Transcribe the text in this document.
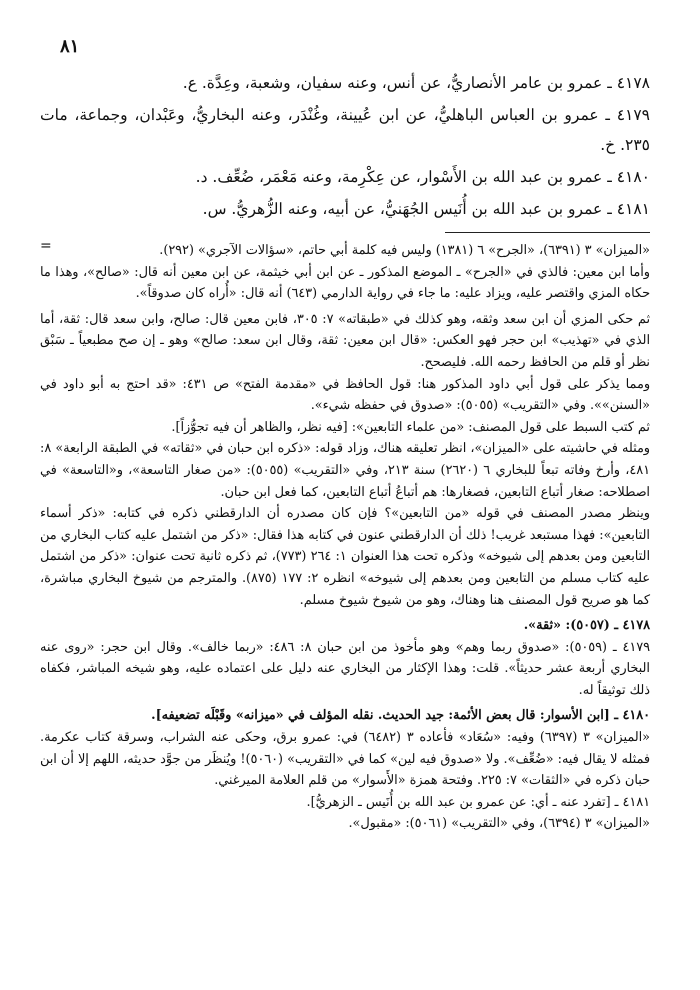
٨١

٤١٧٨ ـ عمرو بن عامر الأنصاريُّ، عن أنس، وعنه سفيان، وشعبة، وعِدَّة. ع.

٤١٧٩ ـ عمرو بن العباس الباهليُّ، عن ابن عُيينة، وغُنْدَر، وعنه البخاريُّ، وعَبْدان، وجماعة، مات ٢٣٥. خ.

٤١٨٠ ـ عمرو بن عبد الله بن الأَسْوار، عن عِكْرِمة، وعنه مَعْمَر، ضُعِّف. د.

٤١٨١ ـ عمرو بن عبد الله بن أُنَيس الجُهَنيُّ، عن أبيه، وعنه الزُّهريُّ. س.

=	«الميزان» ٣ (٦٣٩١)، «الجرح» ٦ (١٣٨١) وليس فيه كلمة أبي حاتم، «سؤالات الآجري» (٢٩٢).

وأما ابن معين: فالذي في «الجرح» ـ الموضع المذكور ـ عن ابن أبي خيثمة، عن ابن معين أنه قال: «صالح»، وهذا ما حكاه المزي واقتصر عليه، ويزاد عليه: ما جاء في رواية الدارمي (٦٤٣) أنه قال: «أُراه كان صدوقاً».

ثم حكى المزي أن ابن سعد وثقه، وهو كذلك في «طبقاته» ٧: ٣٠٥، فابن معين قال: صالح، وابن سعد قال: ثقة، أما الذي في «تهذيب» ابن حجر فهو العكس: «قال ابن معين: ثقة، وقال ابن سعد: صالح» وهو ـ إن صح مطبعياً ـ سَبْق نظر أو قلم من الحافظ رحمه الله. فليصحح.

ومما يذكر على قول أبي داود المذكور هنا: قول الحافظ في «مقدمة الفتح» ص ٤٣١: «قد احتج به أبو داود في «السنن»». وفي «التقريب» (٥٠٥٥): «صدوق في حفظه شيء».

ثم كتب السبط على قول المصنف: «من علماء التابعين»: [فيه نظر، والظاهر أن فيه تجوُّزاً].

ومثله في حاشيته على «الميزان»، انظر تعليقه هناك، وزاد قوله: «ذكره ابن حبان في «ثقاته» في الطبقة الرابعة» ٨: ٤٨١، وأرخ وفاته تبعاً للبخاري ٦ (٢٦٢٠) سنة ٢١٣، وفي «التقريب» (٥٠٥٥): «من صغار التاسعة»، و«التاسعة» في اصطلاحه: صغار أتباع التابعين، فصغارها: هم أتباعُ أتباع التابعين، كما فعل ابن حبان.

وينظر مصدر المصنف في قوله «من التابعين»؟ فإن كان مصدره أن الدارقطني ذكره في كتابه: «ذكر أسماء التابعين»: فهذا مستبعد غريب! ذلك أن الدارقطني عنون في كتابه هذا فقال: «ذكر من اشتمل عليه كتاب البخاري من التابعين ومن بعدهم إلى شيوخه» وذكره تحت هذا العنوان ١: ٢٦٤ (٧٧٣)، ثم ذكره ثانية تحت عنوان: «ذكر من اشتمل عليه كتاب مسلم من التابعين ومن بعدهم إلى شيوخه» انظره ٢: ١٧٧ (٨٧٥). والمترجم من شيوخ البخاري مباشرة، كما هو صريح قول المصنف هنا وهناك، وهو من شيوخ شيوخ مسلم.

٤١٧٨ ـ (٥٠٥٧): «ثقة».

٤١٧٩ ـ (٥٠٥٩): «صدوق ربما وهم» وهو مأخوذ من ابن حبان ٨: ٤٨٦: «ربما خالف». وقال ابن حجر: «روى عنه البخاري أربعة عشر حديثاً». قلت: وهذا الإكثار من البخاري عنه دليل على اعتماده عليه، وهو شيخه المباشر، فكفاه ذلك توثيقاً له.

٤١٨٠ ـ [ابن الأسوار: قال بعض الأئمة: جيد الحديث. نقله المؤلف في «ميزانه» وقَبْلَه تضعيفه].

«الميزان» ٣ (٦٣٩٧) وفيه: «سُعَاد» فأعاده ٣ (٦٤٨٢) في: عمرو برق، وحكى عنه الشراب، وسرقة كتاب عكرمة. فمثله لا يقال فيه: «ضُعِّف». ولا «صدوق فيه لين» كما في «التقريب» (٥٠٦٠)! ويُنظَر من جوَّد حديثه، اللهم إلا أن ابن حبان ذكره في «الثقات» ٧: ٢٢٥. وفتحة همزة «الأَسوار» من قلم العلامة الميرغني.

٤١٨١ ـ [تفرد عنه ـ أي: عن عمرو بن عبد الله بن أُنَيس ـ الزهريُّ].

«الميزان» ٣ (٦٣٩٤)، وفي «التقريب» (٥٠٦١): «مقبول».
